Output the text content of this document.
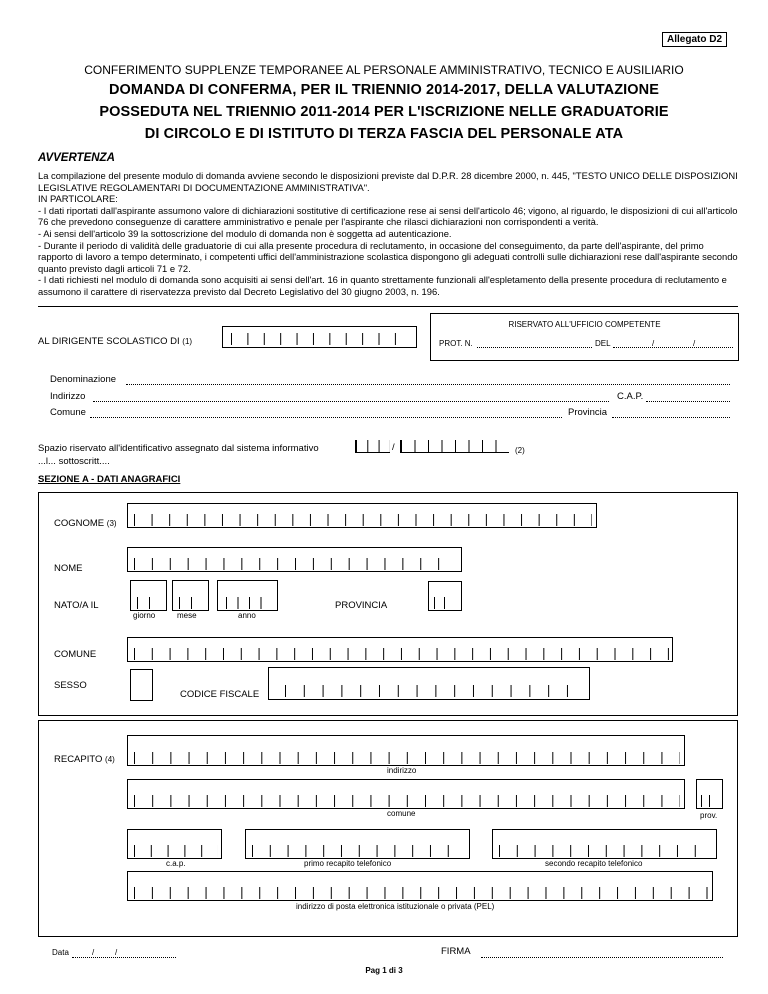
Allegato D2
CONFERIMENTO SUPPLENZE TEMPORANEE AL PERSONALE AMMINISTRATIVO, TECNICO E AUSILIARIO
DOMANDA DI CONFERMA, PER IL TRIENNIO 2014-2017, DELLA VALUTAZIONE
POSSEDUTA NEL TRIENNIO 2011-2014 PER L'ISCRIZIONE NELLE GRADUATORIE
DI CIRCOLO E DI ISTITUTO DI TERZA FASCIA DEL PERSONALE ATA
AVVERTENZA

La compilazione del presente modulo di domanda avviene secondo le disposizioni previste dal D.P.R. 28 dicembre 2000, n. 445, "TESTO UNICO DELLE DISPOSIZIONI LEGISLATIVE REGOLAMENTARI DI DOCUMENTAZIONE AMMINISTRATIVA".
IN PARTICOLARE:
- I dati riportati dall'aspirante assumono valore di dichiarazioni sostitutive di certificazione rese ai sensi dell'articolo 46; vigono, al riguardo, le disposizioni di cui all'articolo 76 che prevedono conseguenze di carattere amministrativo e penale per l'aspirante che rilasci dichiarazioni non corrispondenti a verità.
- Ai sensi dell'articolo 39 la sottoscrizione del modulo di domanda non è soggetta ad autenticazione.
- Durante il periodo di validità delle graduatorie di cui alla presente procedura di reclutamento, in occasione del conseguimento, da parte dell'aspirante, del primo rapporto di lavoro a tempo determinato, i competenti uffici dell'amministrazione scolastica dispongono gli adeguati controlli sulle dichiarazioni rese dall'aspirante secondo quanto previsto dagli articoli 71 e 72.
- I dati richiesti nel modulo di domanda sono acquisiti ai sensi dell'art. 16 in quanto strettamente funzionali all'espletamento della presente procedura di reclutamento e assumono il carattere di riservatezza previsto dal Decreto Legislativo del 30 giugno 2003, n. 196.

AL DIRIGENTE SCOLASTICO DI (1)
RISERVATO ALL'UFFICIO COMPETENTE
PROT. N.	DEL	/	/
Denominazione
Indirizzo	C.A.P.
Comune	Provincia
Spazio riservato all'identificativo assegnato dal sistema informativo	/	(2)
...l... sottoscritt....
SEZIONE A - DATI ANAGRAFICI
COGNOME (3)
NOME
NATO/A IL
giorno	mese	anno
PROVINCIA
COMUNE
SESSO
CODICE FISCALE
RECAPITO (4)
indirizzo
comune	prov.
c.a.p.	primo recapito telefonico	secondo recapito telefonico
indirizzo di posta elettronica istituzionale o privata (PEL)
Data	/	/	FIRMA
Pag 1 di 3
